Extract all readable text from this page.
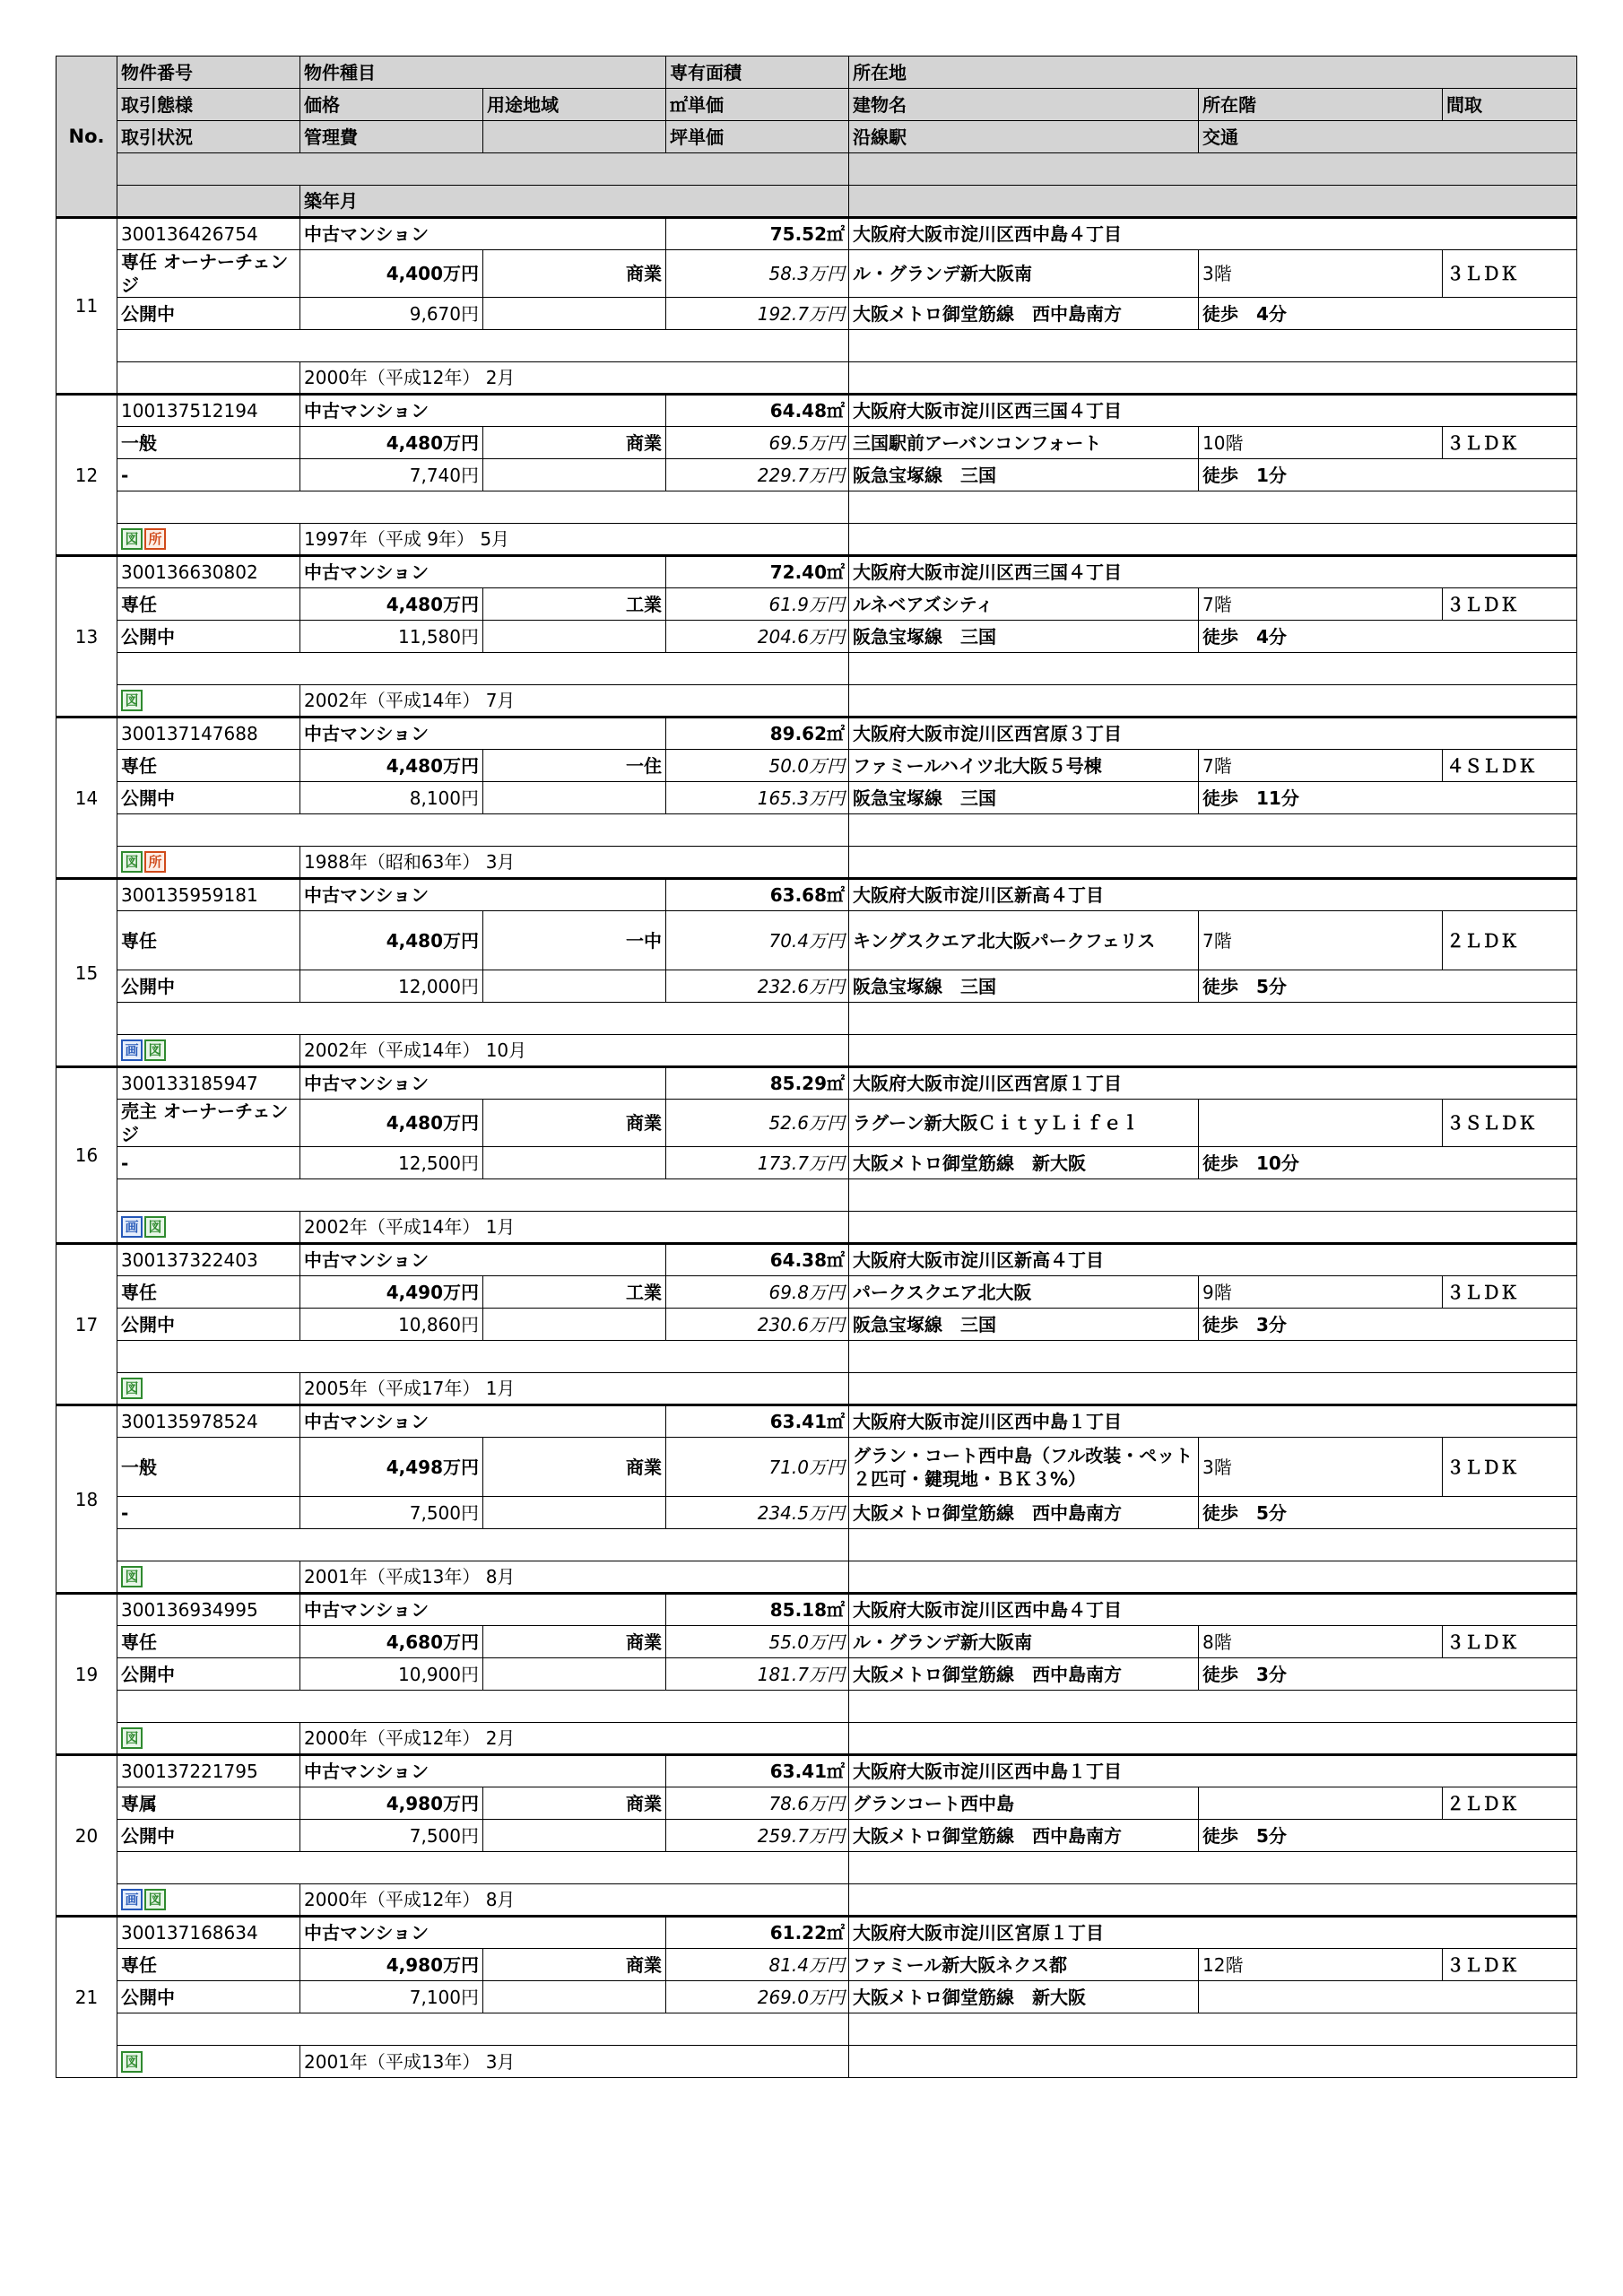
No.	物件番号	物件種目		専有面積	所在地		
	取引態様	価格	用途地域	㎡単価	建物名	所在階	間取
	取引状況	管理費		坪単価	沿線駅	交通	

		築年月					
11	300136426754	中古マンション		75.52㎡	大阪府大阪市淀川区西中島４丁目		
	専任 オーナーチェンジ	4,400万円	商業	58.3万円	ル・グランデ新大阪南	3階	３ＬＤＫ
	公開中	9,670円		192.7万円	大阪メトロ御堂筋線　西中島南方	徒歩　4分	

		2000年（平成12年） 2月					
12	100137512194	中古マンション		64.48㎡	大阪府大阪市淀川区西三国４丁目		
	一般	4,480万円	商業	69.5万円	三国駅前アーバンコンフォート	10階	３ＬＤＫ
	-	7,740円		229.7万円	阪急宝塚線　三国	徒歩　1分	

	図 所	1997年（平成 9年） 5月					
13	300136630802	中古マンション		72.40㎡	大阪府大阪市淀川区西三国４丁目		
	専任	4,480万円	工業	61.9万円	ルネベアズシティ	7階	３ＬＤＫ
	公開中	11,580円		204.6万円	阪急宝塚線　三国	徒歩　4分	

	図	2002年（平成14年） 7月					
14	300137147688	中古マンション		89.62㎡	大阪府大阪市淀川区西宮原３丁目		
	専任	4,480万円	一住	50.0万円	ファミールハイツ北大阪５号棟	7階	４ＳＬＤＫ
	公開中	8,100円		165.3万円	阪急宝塚線　三国	徒歩　11分	

	図 所	1988年（昭和63年） 3月					
15	300135959181	中古マンション		63.68㎡	大阪府大阪市淀川区新高４丁目		
	専任	4,480万円	一中	70.4万円	キングスクエア北大阪パークフェリス	7階	２ＬＤＫ
	公開中	12,000円		232.6万円	阪急宝塚線　三国	徒歩　5分	

	画 図	2002年（平成14年） 10月					
16	300133185947	中古マンション		85.29㎡	大阪府大阪市淀川区西宮原１丁目		
	売主 オーナーチェンジ	4,480万円	商業	52.6万円	ラグーン新大阪ＣｉｔｙＬｉｆｅｌ		３ＳＬＤＫ
	-	12,500円		173.7万円	大阪メトロ御堂筋線　新大阪	徒歩　10分	

	画 図	2002年（平成14年） 1月					
17	300137322403	中古マンション		64.38㎡	大阪府大阪市淀川区新高４丁目		
	専任	4,490万円	工業	69.8万円	パークスクエア北大阪	9階	３ＬＤＫ
	公開中	10,860円		230.6万円	阪急宝塚線　三国	徒歩　3分	

	図	2005年（平成17年） 1月					
18	300135978524	中古マンション		63.41㎡	大阪府大阪市淀川区西中島１丁目		
	一般	4,498万円	商業	71.0万円	グラン・コート西中島（フル改装・ペット２匹可・鍵現地・ＢＫ３%）	3階	３ＬＤＫ
	-	7,500円		234.5万円	大阪メトロ御堂筋線　西中島南方	徒歩　5分	

	図	2001年（平成13年） 8月					
19	300136934995	中古マンション		85.18㎡	大阪府大阪市淀川区西中島４丁目		
	専任	4,680万円	商業	55.0万円	ル・グランデ新大阪南	8階	３ＬＤＫ
	公開中	10,900円		181.7万円	大阪メトロ御堂筋線　西中島南方	徒歩　3分	

	図	2000年（平成12年） 2月					
20	300137221795	中古マンション		63.41㎡	大阪府大阪市淀川区西中島１丁目		
	専属	4,980万円	商業	78.6万円	グランコート西中島		２ＬＤＫ
	公開中	7,500円		259.7万円	大阪メトロ御堂筋線　西中島南方	徒歩　5分	

	画 図	2000年（平成12年） 8月					
21	300137168634	中古マンション		61.22㎡	大阪府大阪市淀川区宮原１丁目		
	専任	4,980万円	商業	81.4万円	ファミール新大阪ネクス都	12階	３ＬＤＫ
	公開中	7,100円		269.0万円	大阪メトロ御堂筋線　新大阪		

	図	2001年（平成13年） 3月					
